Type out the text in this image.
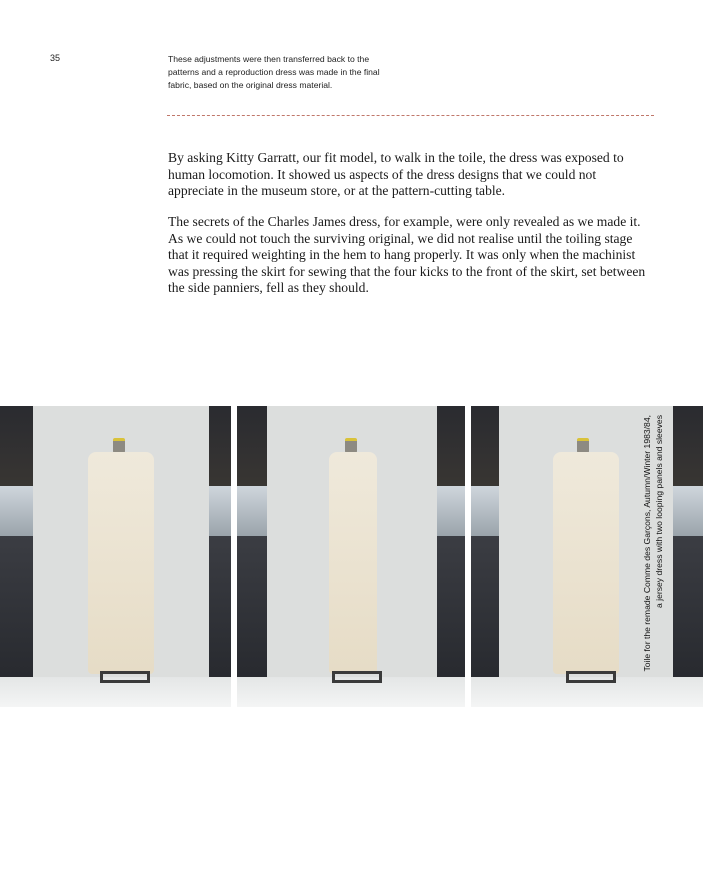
35	These adjustments were then transferred back to the patterns and a reproduction dress was made in the final fabric, based on the original dress material.

By asking Kitty Garratt, our fit model, to walk in the toile, the dress was exposed to human locomotion. It showed us aspects of the dress designs that we could not appreciate in the museum store, or at the pattern-cutting table.

The secrets of the Charles James dress, for example, were only revealed as we made it. As we could not touch the surviving original, we did not realise until the toiling stage that it required weighting in the hem to hang properly. It was only when the machinist was pressing the skirt for sewing that the four kicks to the front of the skirt, set between the side panniers, fell as they should.

Toile for the remade Comme des Garçons, Autumn/Winter 1983/84, a jersey dress with two looping panels and sleeves
